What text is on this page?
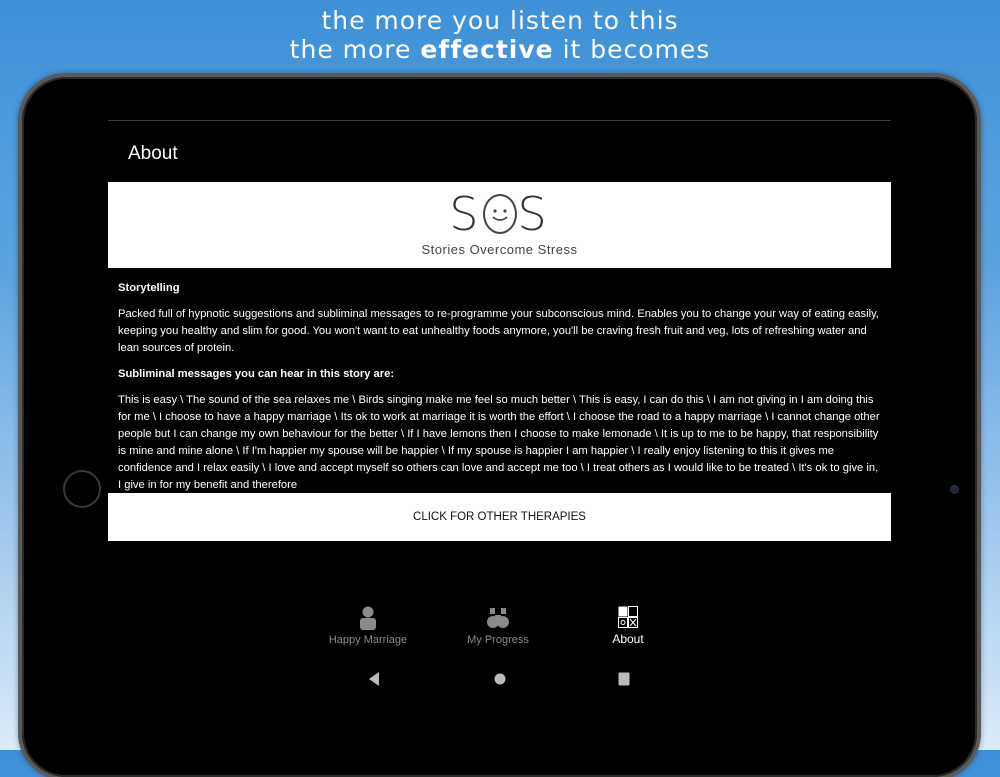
the more you listen to this
the more effective it becomes
About
S S
Stories Overcome Stress

Storytelling

Packed full of hypnotic suggestions and subliminal messages to re-programme your subconscious mind. Enables you to change your way of eating easily, keeping you healthy and slim for good. You won't want to eat unhealthy foods anymore, you'll be craving fresh fruit and veg, lots of refreshing water and lean sources of protein.

Subliminal messages you can hear in this story are:

This is easy \ The sound of the sea relaxes me \ Birds singing make me feel so much better \ This is easy, I can do this \ I am not giving in I am doing this for me \ I choose to have a happy marriage \ Its ok to work at marriage it is worth the effort \ I choose the road to a happy marriage \ I cannot change other people but I can change my own behaviour for the better \ If I have lemons then I choose to make lemonade \ It is up to me to be happy, that responsibility is mine and mine alone \ If I'm happier my spouse will be happier \ If my spouse is happier I am happier \ I really enjoy listening to this it gives me confidence and I relax easily \ I love and accept myself so others can love and accept me too \ I treat others as I would like to be treated \ It's ok to give in, I give in for my benefit and therefore

CLICK FOR OTHER THERAPIES
Happy Marriage	My Progress	About
